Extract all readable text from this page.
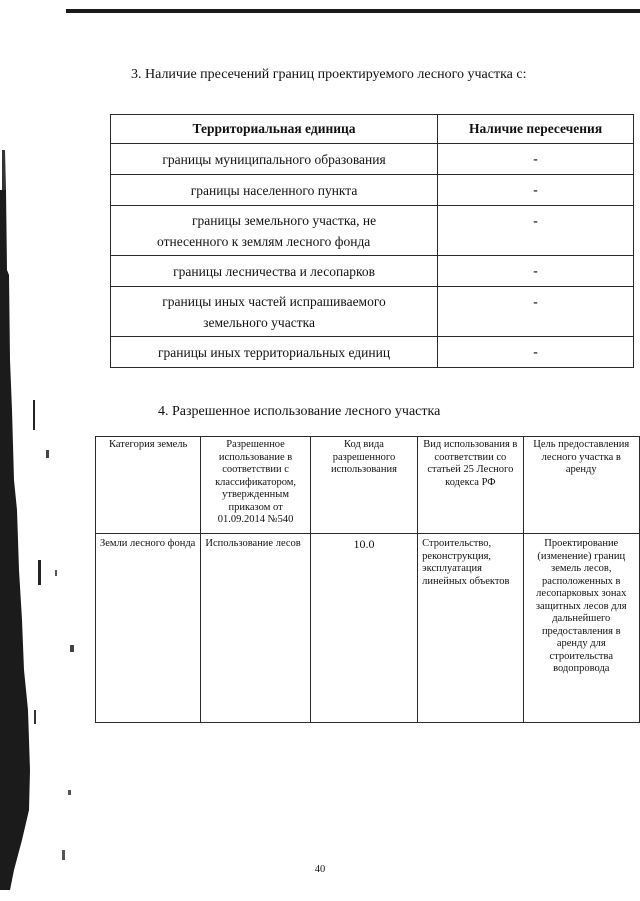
3. Наличие пресечений границ проектируемого лесного участка с:
Территориальная единица	Наличие пересечения
границы муниципального образования	-
границы населенного пункта	-

границы земельного участка, не
отнесенного к землям лесного фонда	-
границы лесничества и лесопарков	-

границы иных частей испрашиваемого
земельного участка	-
границы иных территориальных единиц	-
4. Разрешенное использование лесного участка
Категория земель	Разрешенное использование в соответствии с классификатором, утвержденным приказом от 01.09.2014 №540	Код вида разрешенного использования	Вид использования в соответствии со статьей 25 Лесного кодекса РФ	Цель предоставления лесного участка в аренду
Земли лесного фонда	Использование лесов	10.0	Строительство, реконструкция, эксплуатация линейных объектов	Проектирование (изменение) границ земель лесов, расположенных в лесопарковых зонах защитных лесов для дальнейшего предоставления в аренду для строительства водопровода
40
